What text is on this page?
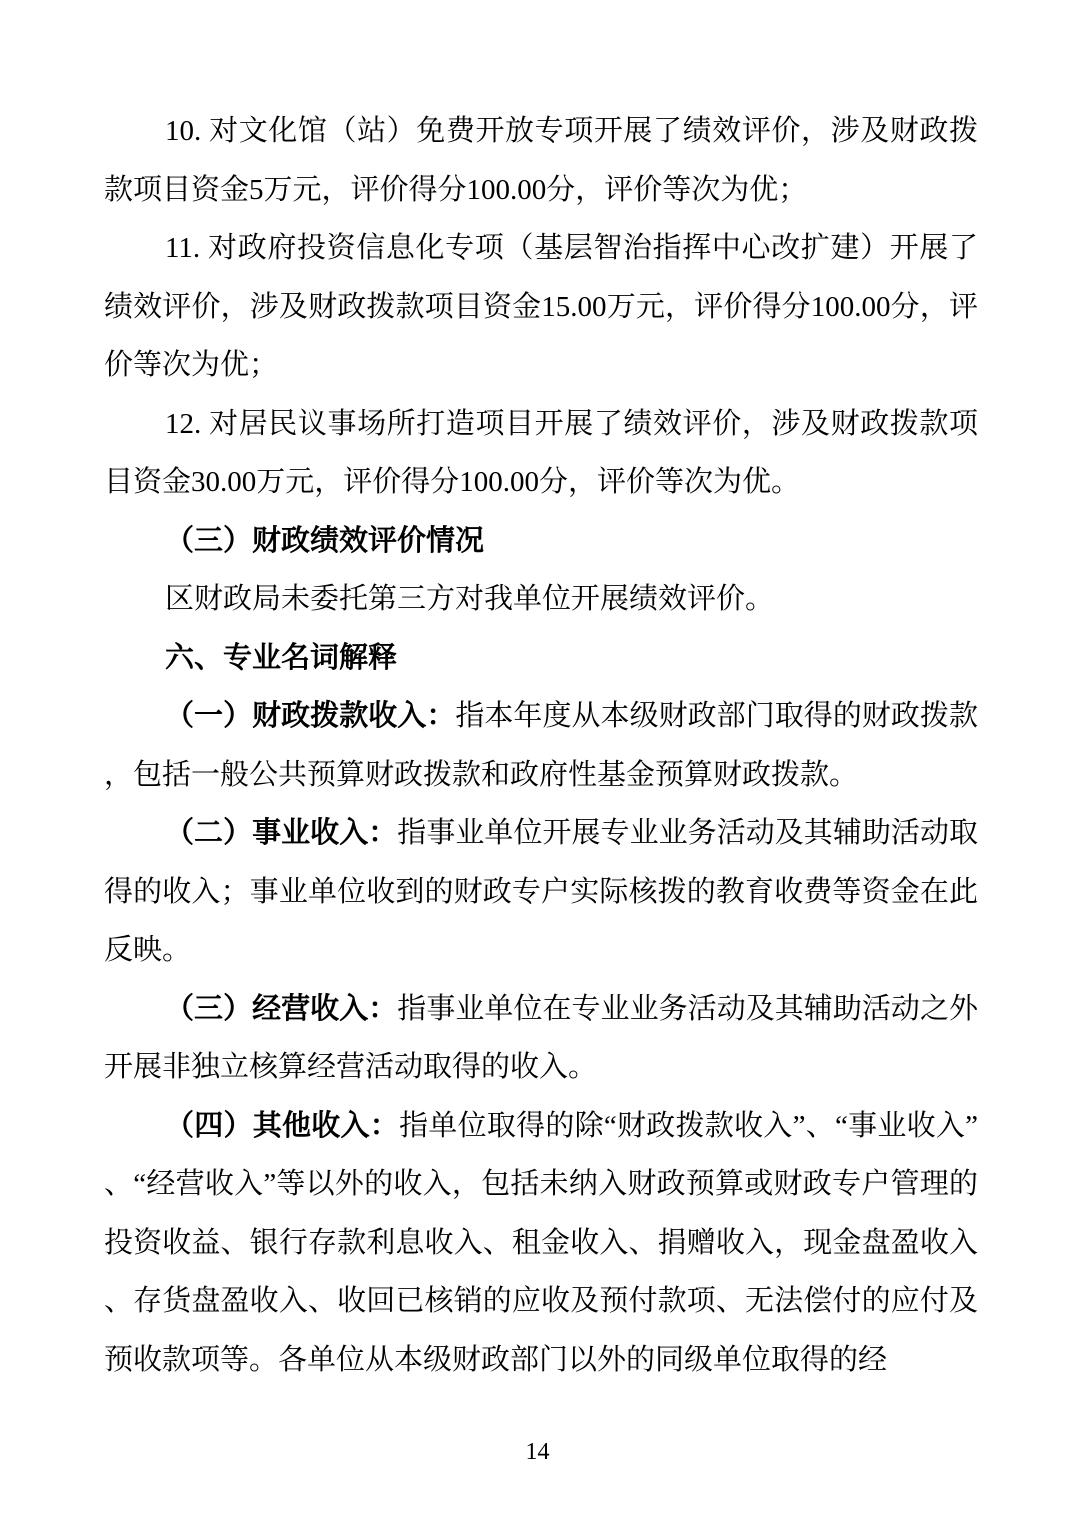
10. 对文化馆（站）免费开放专项开展了绩效评价，涉及财政拨款项目资金5万元，评价得分100.00分，评价等次为优；

11. 对政府投资信息化专项（基层智治指挥中心改扩建）开展了绩效评价，涉及财政拨款项目资金15.00万元，评价得分100.00分，评价等次为优；

12. 对居民议事场所打造项目开展了绩效评价，涉及财政拨款项目资金30.00万元，评价得分100.00分，评价等次为优。

（三）财政绩效评价情况

区财政局未委托第三方对我单位开展绩效评价。

六、专业名词解释

（一）财政拨款收入：指本年度从本级财政部门取得的财政拨款，包括一般公共预算财政拨款和政府性基金预算财政拨款。

（二）事业收入：指事业单位开展专业业务活动及其辅助活动取得的收入；事业单位收到的财政专户实际核拨的教育收费等资金在此反映。

（三）经营收入：指事业单位在专业业务活动及其辅助活动之外开展非独立核算经营活动取得的收入。

（四）其他收入：指单位取得的除“财政拨款收入”、“事业收入”、“经营收入”等以外的收入，包括未纳入财政预算或财政专户管理的投资收益、银行存款利息收入、租金收入、捐赠收入，现金盘盈收入、存货盘盈收入、收回已核销的应收及预付款项、无法偿付的应付及预收款项等。各单位从本级财政部门以外的同级单位取得的经

14
